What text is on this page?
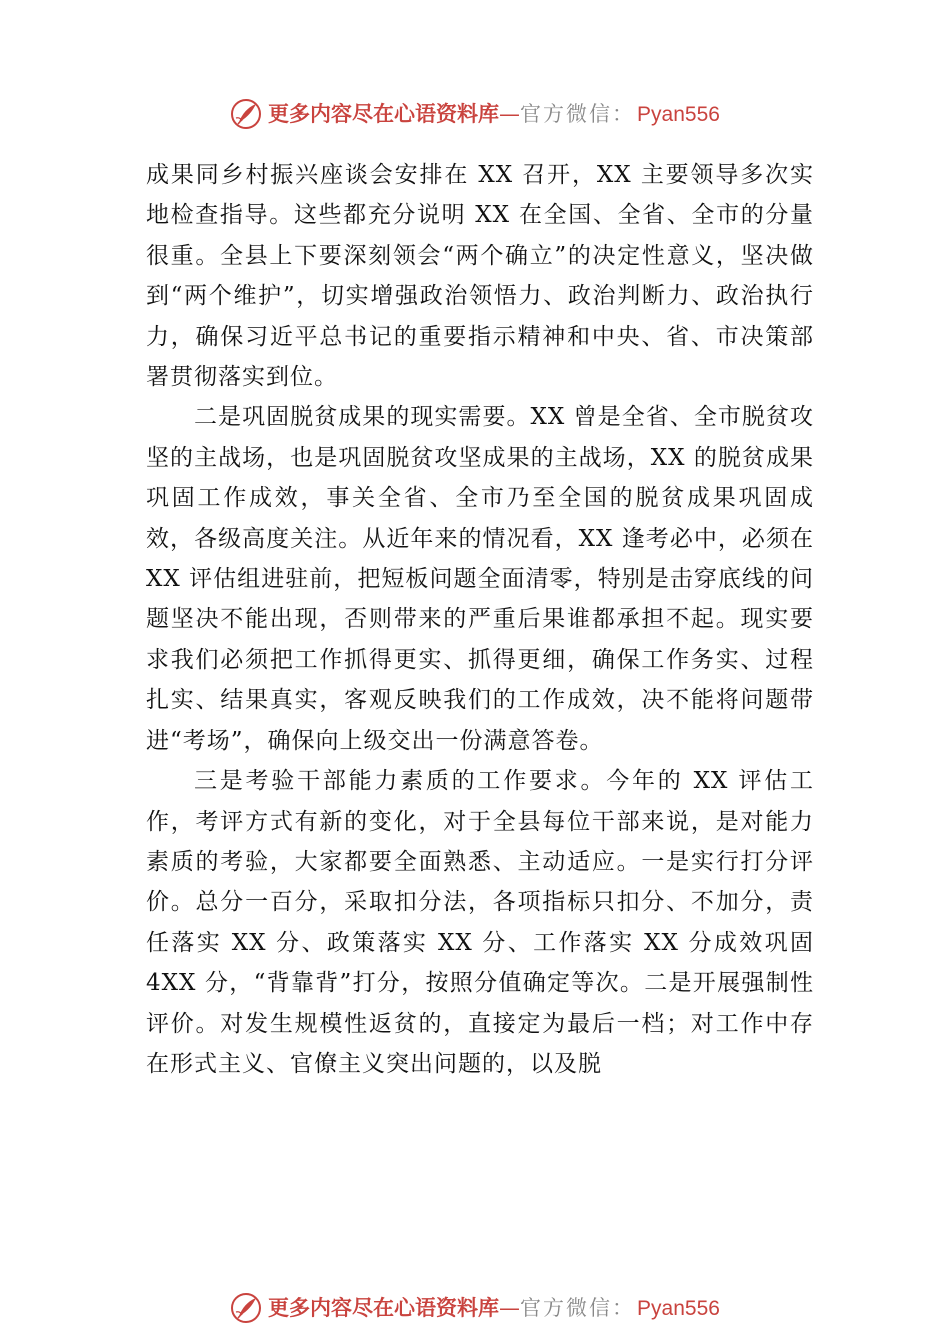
更多内容尽在心语资料库 — 官方微信： Pyan556

成果同乡村振兴座谈会安排在 XX 召开，XX 主要领导多次实地检查指导。这些都充分说明 XX 在全国、全省、全市的分量很重。全县上下要深刻领会“两个确立”的决定性意义，坚决做到“两个维护”，切实增强政治领悟力、政治判断力、政治执行力，确保习近平总书记的重要指示精神和中央、省、市决策部署贯彻落实到位。

二是巩固脱贫成果的现实需要。XX 曾是全省、全市脱贫攻坚的主战场，也是巩固脱贫攻坚成果的主战场，XX 的脱贫成果巩固工作成效，事关全省、全市乃至全国的脱贫成果巩固成效，各级高度关注。从近年来的情况看，XX 逢考必中，必须在 XX 评估组进驻前，把短板问题全面清零，特别是击穿底线的问题坚决不能出现，否则带来的严重后果谁都承担不起。现实要求我们必须把工作抓得更实、抓得更细，确保工作务实、过程扎实、结果真实，客观反映我们的工作成效，决不能将问题带进“考场”，确保向上级交出一份满意答卷。

三是考验干部能力素质的工作要求。今年的 XX 评估工作，考评方式有新的变化，对于全县每位干部来说，是对能力素质的考验，大家都要全面熟悉、主动适应。一是实行打分评价。总分一百分，采取扣分法，各项指标只扣分、不加分，责任落实 XX 分、政策落实 XX 分、工作落实 XX 分成效巩固 4XX 分，“背靠背”打分，按照分值确定等次。二是开展强制性评价。对发生规模性返贫的，直接定为最后一档；对工作中存在形式主义、官僚主义突出问题的，以及脱

更多内容尽在心语资料库 — 官方微信： Pyan556
